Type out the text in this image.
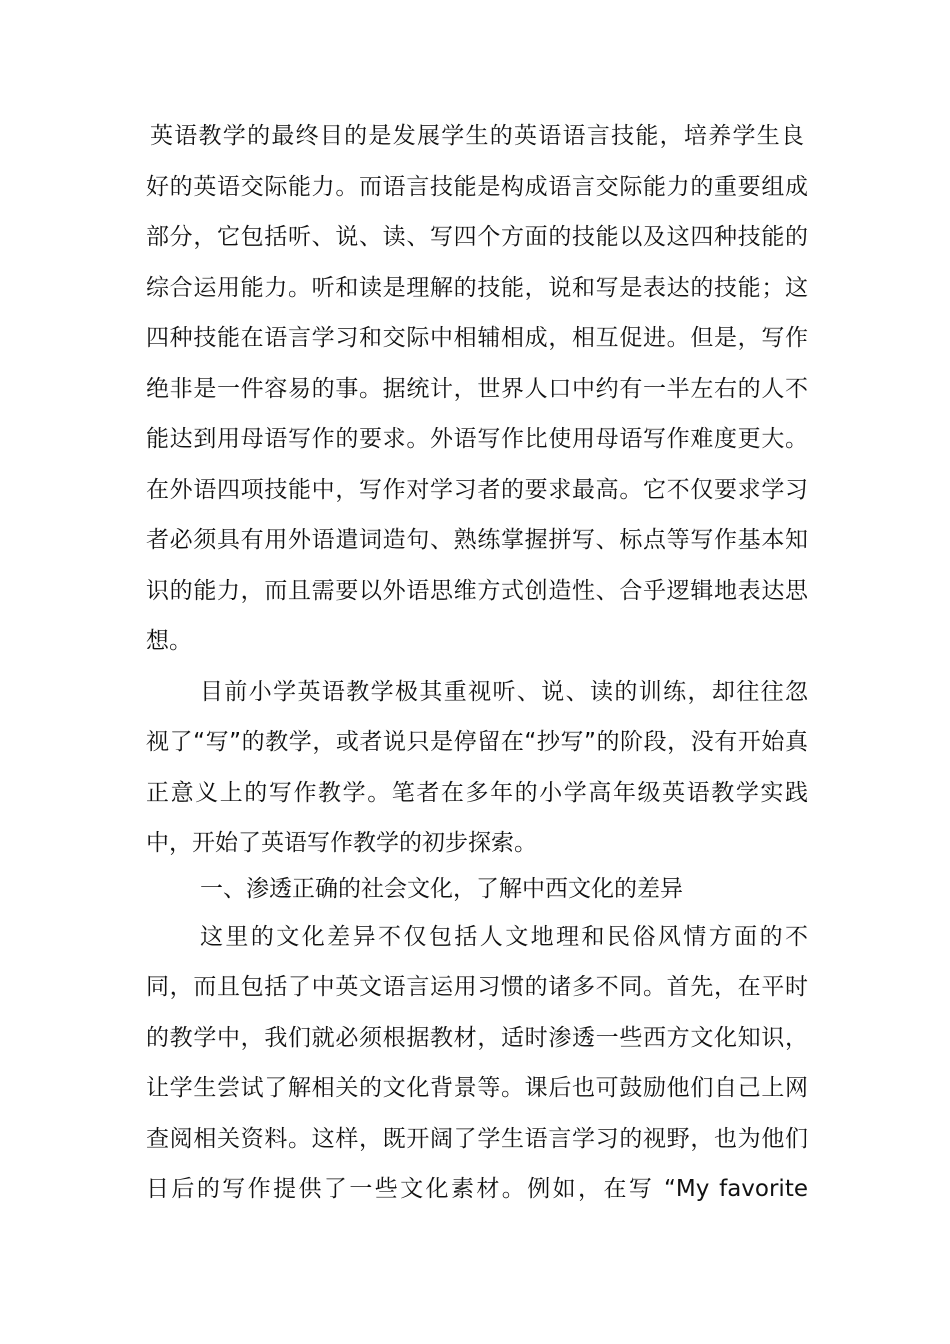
英语教学的最终目的是发展学生的英语语言技能，培养学生良
好的英语交际能力。而语言技能是构成语言交际能力的重要组成
部分，它包括听、说、读、写四个方面的技能以及这四种技能的
综合运用能力。听和读是理解的技能，说和写是表达的技能；这
四种技能在语言学习和交际中相辅相成，相互促进。但是，写作
绝非是一件容易的事。据统计，世界人口中约有一半左右的人不
能达到用母语写作的要求。外语写作比使用母语写作难度更大。
在外语四项技能中，写作对学习者的要求最高。它不仅要求学习
者必须具有用外语遣词造句、熟练掌握拼写、标点等写作基本知
识的能力，而且需要以外语思维方式创造性、合乎逻辑地表达思
想。
目前小学英语教学极其重视听、说、读的训练，却往往忽
视了“写”的教学，或者说只是停留在“抄写”的阶段，没有开始真
正意义上的写作教学。笔者在多年的小学高年级英语教学实践
中，开始了英语写作教学的初步探索。
一、渗透正确的社会文化，了解中西文化的差异
这里的文化差异不仅包括人文地理和民俗风情方面的不
同，而且包括了中英文语言运用习惯的诸多不同。首先，在平时
的教学中，我们就必须根据教材，适时渗透一些西方文化知识，
让学生尝试了解相关的文化背景等。课后也可鼓励他们自己上网
查阅相关资料。这样，既开阔了学生语言学习的视野，也为他们
日后的写作提供了一些文化素材。例如，在写 “My favorite
